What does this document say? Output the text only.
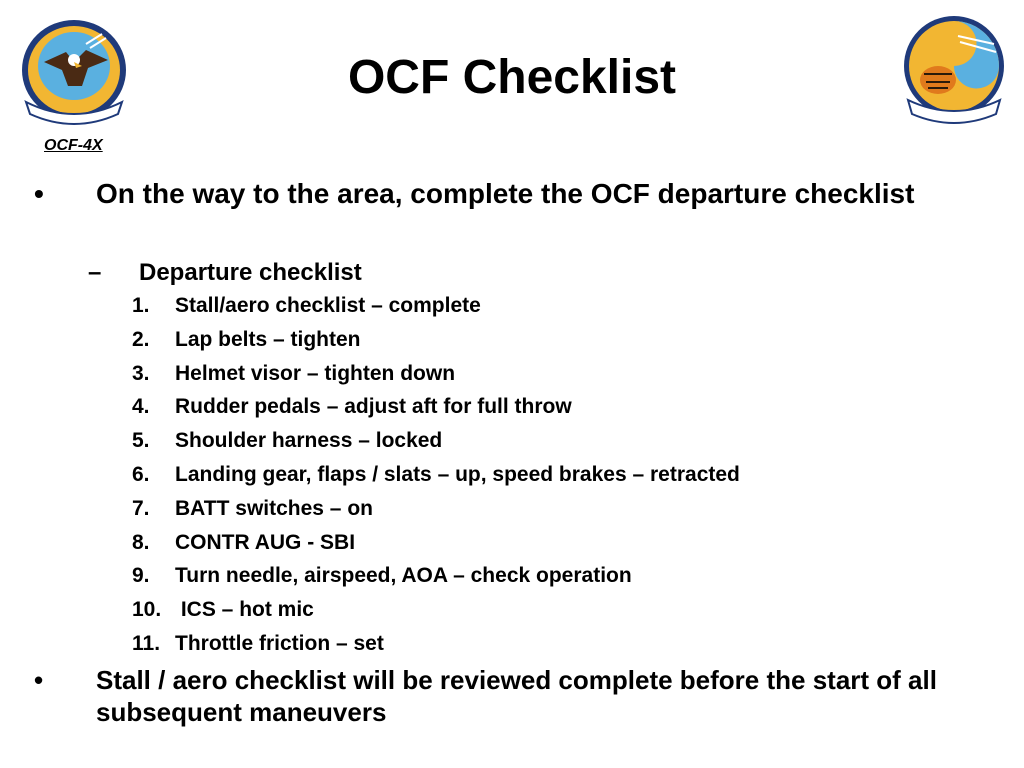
OCF Checklist
OCF-4X
• On the way to the area, complete the OCF departure checklist
– Departure checklist
1. Stall/aero checklist – complete
2. Lap belts – tighten
3. Helmet visor – tighten down
4. Rudder pedals – adjust aft for full throw
5. Shoulder harness – locked
6. Landing gear, flaps / slats – up, speed brakes – retracted
7. BATT switches – on
8. CONTR AUG - SBI
9. Turn needle, airspeed, AOA – check operation
10. ICS – hot mic
11. Throttle friction – set
• Stall / aero checklist will be reviewed complete before the start of all subsequent maneuvers
